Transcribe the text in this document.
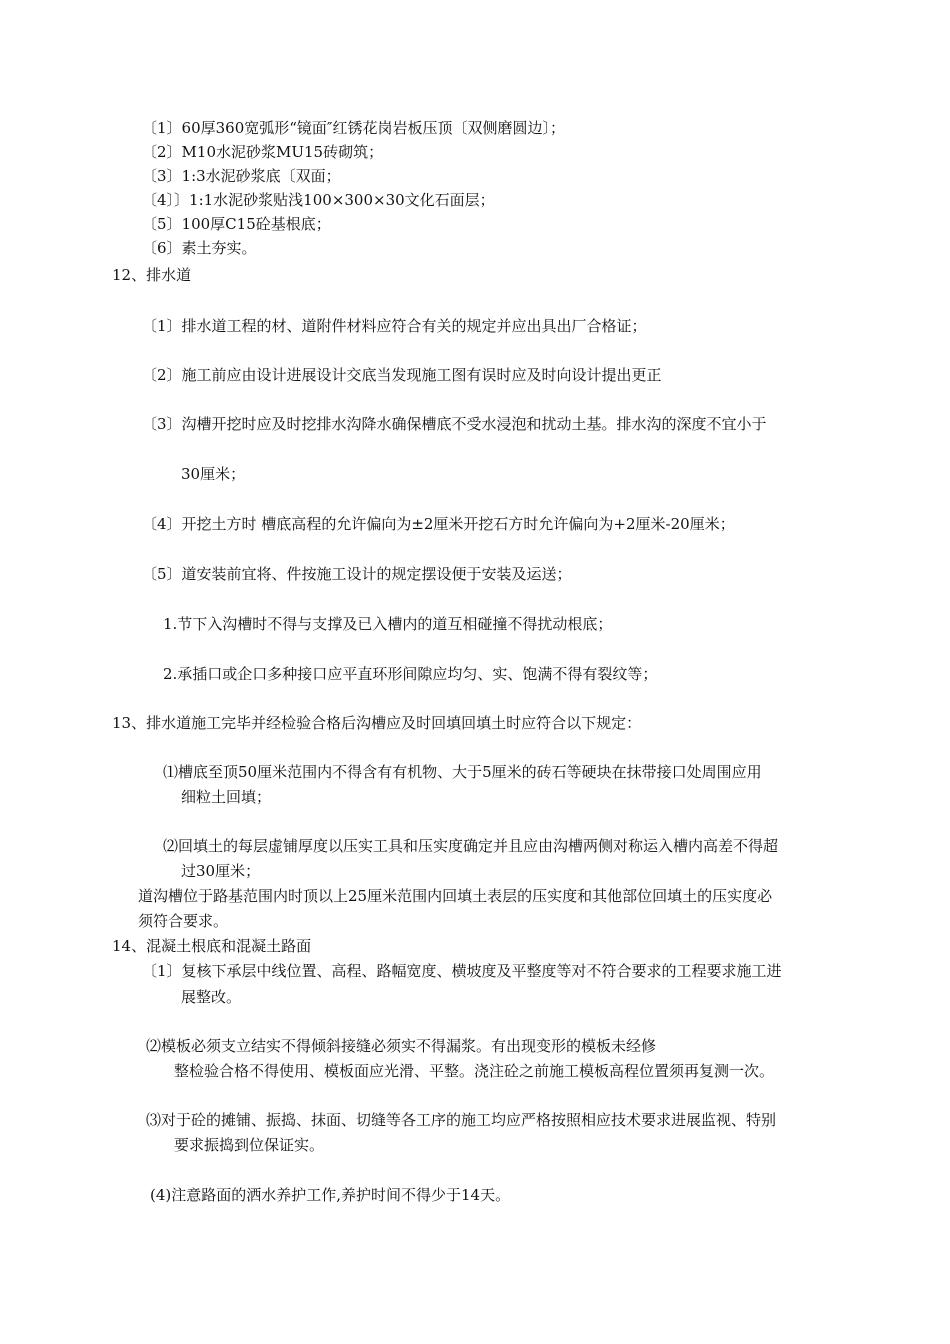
〔1〕60厚360宽弧形“镜面″红锈花岗岩板压顶〔双侧磨圆边〕；
〔2〕M10水泥砂浆MU15砖砌筑；
〔3〕1:3水泥砂浆底〔双面；
〔4〕〕1:1水泥砂浆贴浅100×300×30文化石面层；
〔5〕100厚C15砼基根底；
〔6〕素土夯实。
12、排水道
〔1〕排水道工程的材、道附件材料应符合有关的规定并应出具出厂合格证；
〔2〕施工前应由设计进展设计交底当发现施工图有误时应及时向设计提出更正
〔3〕沟槽开挖时应及时挖排水沟降水确保槽底不受水浸泡和扰动土基。排水沟的深度不宜小于
30厘米；
〔4〕开挖土方时 槽底高程的允许偏向为±2厘米开挖石方时允许偏向为+2厘米-20厘米；
〔5〕道安装前宜将、件按施工设计的规定摆设便于安装及运送；
1.节下入沟槽时不得与支撑及已入槽内的道互相碰撞不得扰动根底；
2.承插口或企口多种接口应平直环形间隙应均匀、实、饱满不得有裂纹等；
13、排水道施工完毕并经检验合格后沟槽应及时回填回填土时应符合以下规定：
⑴槽底至顶50厘米范围内不得含有有机物、大于5厘米的砖石等硬块在抹带接口处周围应用
细粒土回填；
⑵回填土的每层虚铺厚度以压实工具和压实度确定并且应由沟槽两侧对称运入槽内高差不得超
过30厘米；
道沟槽位于路基范围内时顶以上25厘米范围内回填土表层的压实度和其他部位回填土的压实度必
须符合要求。
14、混凝土根底和混凝土路面
〔1〕复核下承层中线位置、高程、路幅宽度、横坡度及平整度等对不符合要求的工程要求施工进
展整改。
⑵模板必须支立结实不得倾斜接缝必须实不得漏浆。有出现变形的模板未经修
整检验合格不得使用、模板面应光滑、平整。浇注砼之前施工模板高程位置须再复测一次。
⑶对于砼的摊铺、振捣、抹面、切缝等各工序的施工均应严格按照相应技术要求进展监视、特别
要求振捣到位保证实。
(4)注意路面的洒水养护工作,养护时间不得少于14天。
